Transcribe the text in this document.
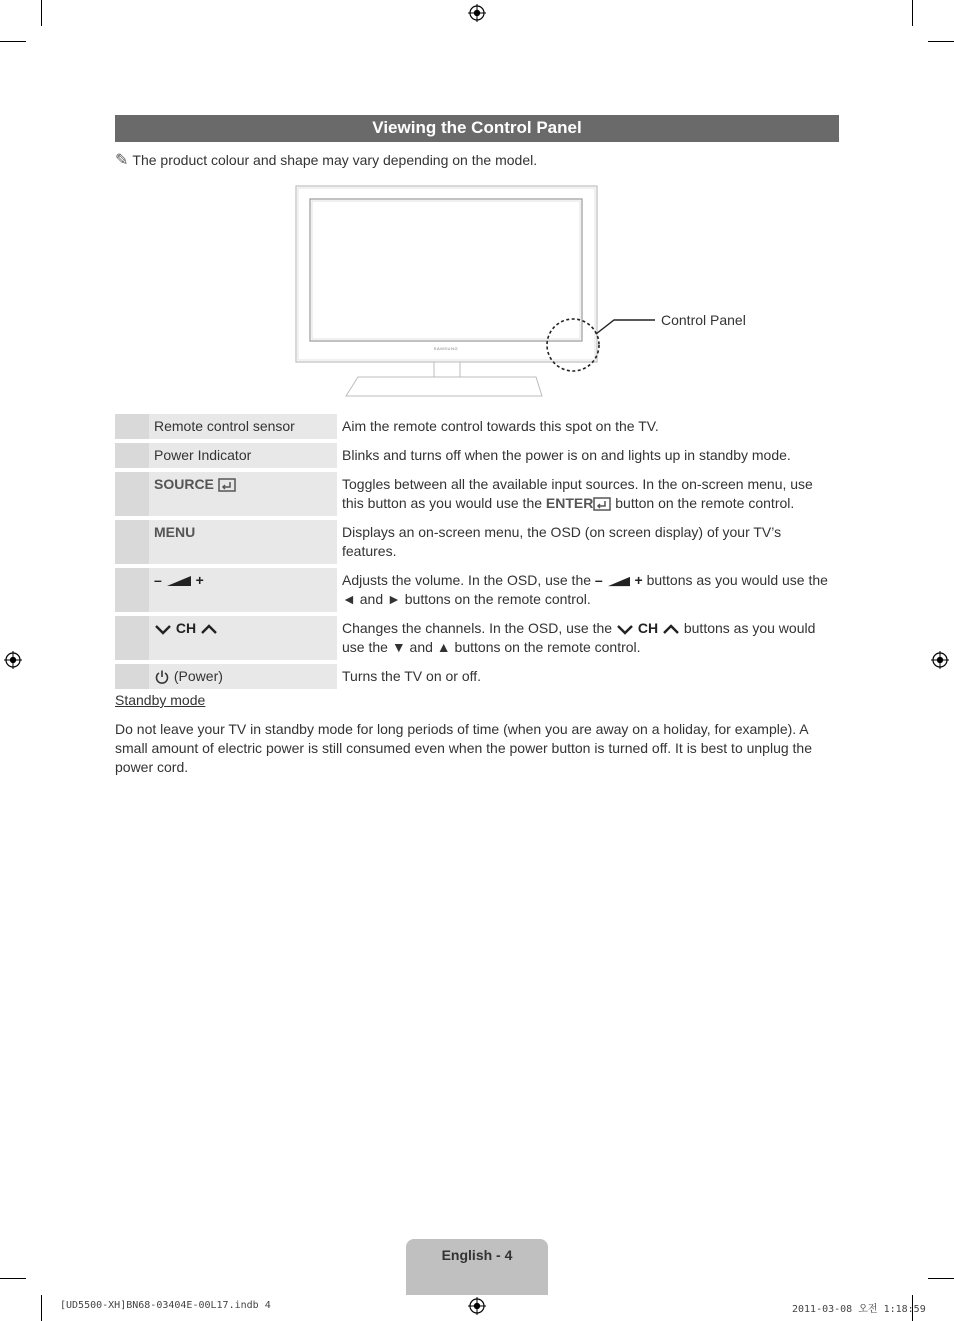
Viewing the Control Panel
✎ The product colour and shape may vary depending on the model.
SAMSUNG
Control Panel
	Remote control sensor	Aim the remote control towards this spot on the TV.
	Power Indicator	Blinks and turns off when the power is on and lights up in standby mode.
	SOURCE	Toggles between all the available input sources. In the on-screen menu, use this button as you would use the ENTER button on the remote control.
	MENU	Displays an on-screen menu, the OSD (on screen display) of your TV’s features.
	– +	Adjusts the volume. In the OSD, use the – + buttons as you would use the ◄ and ► buttons on the remote control.
	CH	Changes the channels. In the OSD, use the CH buttons as you would use the ▼ and ▲ buttons on the remote control.
	(Power)	Turns the TV on or off.
Standby mode
Do not leave your TV in standby mode for long periods of time (when you are away on a holiday, for example). A small amount of electric power is still consumed even when the power button is turned off. It is best to unplug the power cord.
English - 4
[UD5500-XH]BN68-03404E-00L17.indb 4	2011-03-08 오전 1:18:59
